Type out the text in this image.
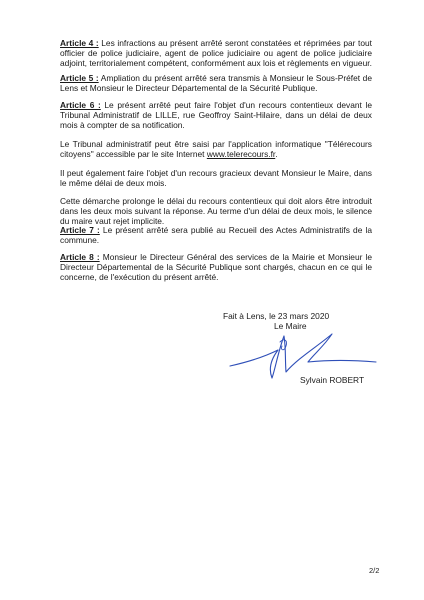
Article 4 : Les infractions au présent arrêté seront constatées et réprimées par tout officier de police judiciaire, agent de police judiciaire ou agent de police judiciaire adjoint, territorialement compétent, conformément aux lois et règlements en vigueur.
Article 5 : Ampliation du présent arrêté sera transmis à Monsieur le Sous-Préfet de Lens et Monsieur le Directeur Départemental de la Sécurité Publique.
Article 6 : Le présent arrêté peut faire l'objet d'un recours contentieux devant le Tribunal Administratif de LILLE, rue Geoffroy Saint-Hilaire, dans un délai de deux mois à compter de sa notification.
Le Tribunal administratif peut être saisi par l'application informatique "Télérecours citoyens" accessible par le site Internet www.telerecours.fr.
Il peut également faire l'objet d'un recours gracieux devant Monsieur le Maire, dans le même délai de deux mois.
Cette démarche prolonge le délai du recours contentieux qui doit alors être introduit dans les deux mois suivant la réponse. Au terme d'un délai de deux mois, le silence du maire vaut rejet implicite.
Article 7 : Le présent arrêté sera publié au Recueil des Actes Administratifs de la commune.
Article 8 : Monsieur le Directeur Général des services de la Mairie et Monsieur le Directeur Départemental de la Sécurité Publique sont chargés, chacun en ce qui le concerne, de l'exécution du présent arrêté.
Fait à Lens, le 23 mars 2020
Le Maire
Sylvain ROBERT
2/2
